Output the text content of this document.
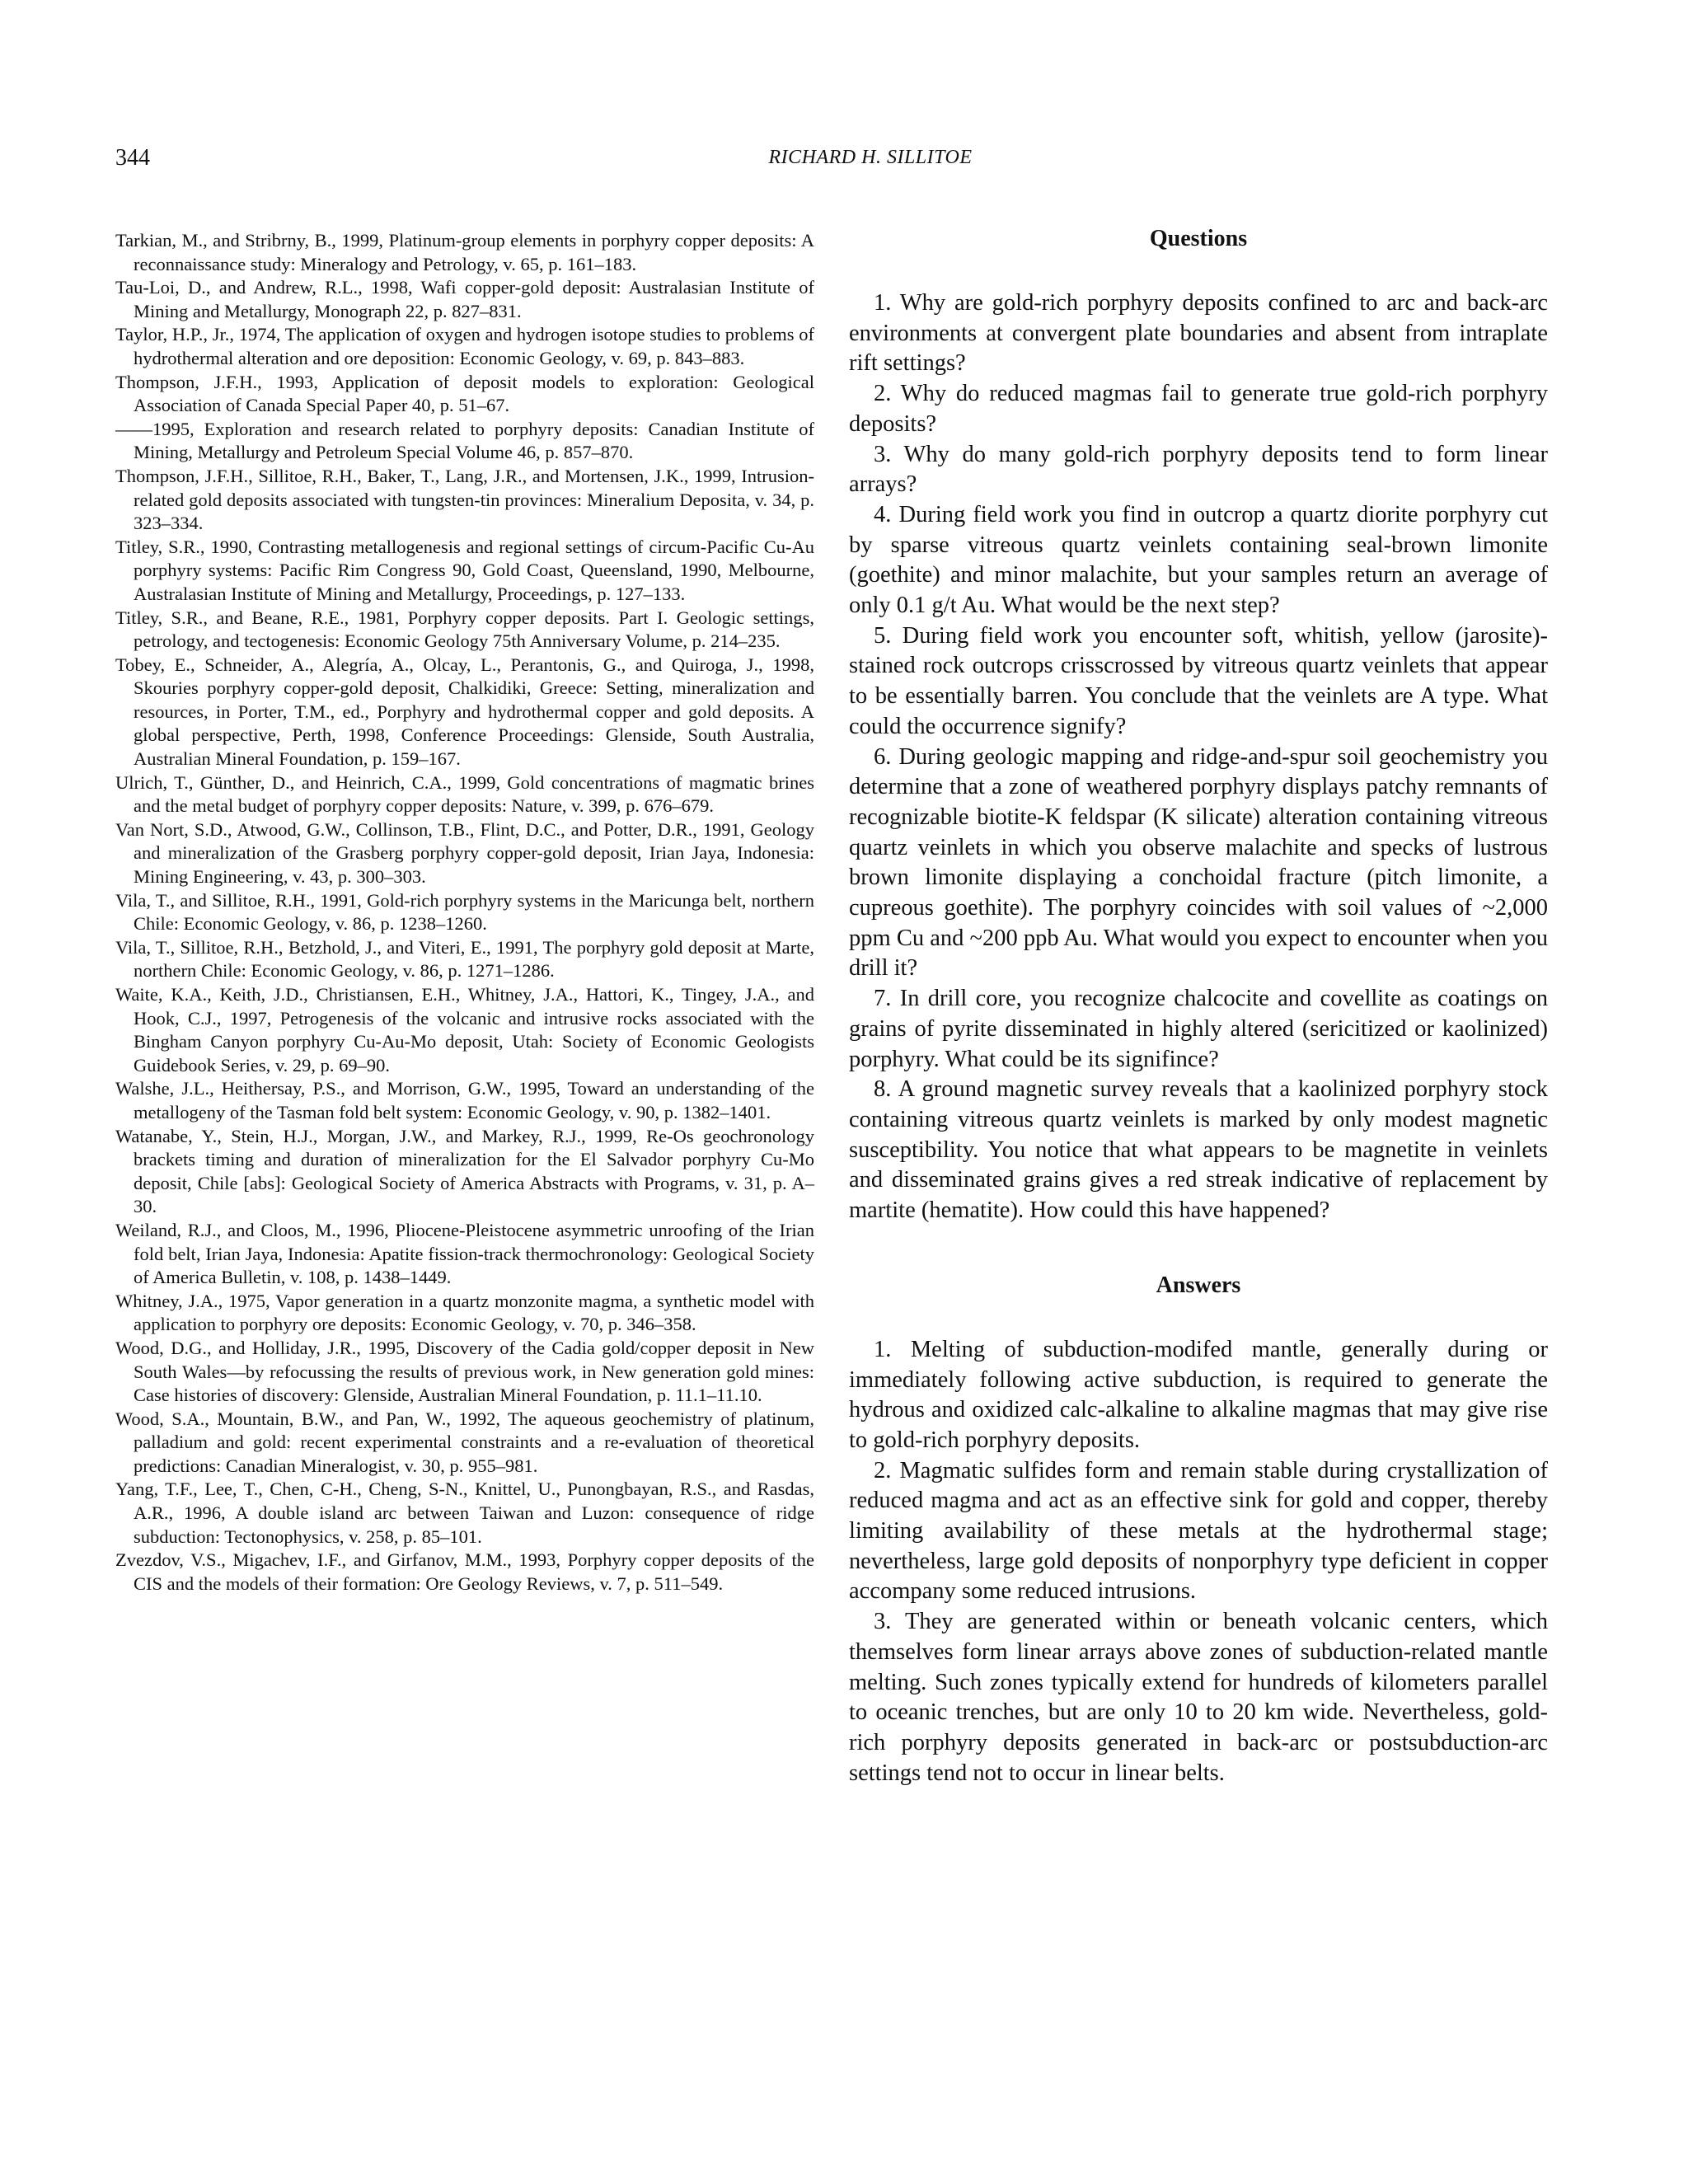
344	RICHARD H. SILLITOE

Tarkian, M., and Stribrny, B., 1999, Platinum-group elements in porphyry copper deposits: A reconnaissance study: Mineralogy and Petrology, v. 65, p. 161–183.

Tau-Loi, D., and Andrew, R.L., 1998, Wafi copper-gold deposit: Australasian Institute of Mining and Metallurgy, Monograph 22, p. 827–831.

Taylor, H.P., Jr., 1974, The application of oxygen and hydrogen isotope studies to problems of hydrothermal alteration and ore deposition: Economic Geology, v. 69, p. 843–883.

Thompson, J.F.H., 1993, Application of deposit models to exploration: Geological Association of Canada Special Paper 40, p. 51–67.

——1995, Exploration and research related to porphyry deposits: Canadian Institute of Mining, Metallurgy and Petroleum Special Volume 46, p. 857–870.

Thompson, J.F.H., Sillitoe, R.H., Baker, T., Lang, J.R., and Mortensen, J.K., 1999, Intrusion-related gold deposits associated with tungsten-tin provinces: Mineralium Deposita, v. 34, p. 323–334.

Titley, S.R., 1990, Contrasting metallogenesis and regional settings of circum-Pacific Cu-Au porphyry systems: Pacific Rim Congress 90, Gold Coast, Queensland, 1990, Melbourne, Australasian Institute of Mining and Metallurgy, Proceedings, p. 127–133.

Titley, S.R., and Beane, R.E., 1981, Porphyry copper deposits. Part I. Geologic settings, petrology, and tectogenesis: Economic Geology 75th Anniversary Volume, p. 214–235.

Tobey, E., Schneider, A., Alegría, A., Olcay, L., Perantonis, G., and Quiroga, J., 1998, Skouries porphyry copper-gold deposit, Chalkidiki, Greece: Setting, mineralization and resources, in Porter, T.M., ed., Porphyry and hydrothermal copper and gold deposits. A global perspective, Perth, 1998, Conference Proceedings: Glenside, South Australia, Australian Mineral Foundation, p. 159–167.

Ulrich, T., Günther, D., and Heinrich, C.A., 1999, Gold concentrations of magmatic brines and the metal budget of porphyry copper deposits: Nature, v. 399, p. 676–679.

Van Nort, S.D., Atwood, G.W., Collinson, T.B., Flint, D.C., and Potter, D.R., 1991, Geology and mineralization of the Grasberg porphyry copper-gold deposit, Irian Jaya, Indonesia: Mining Engineering, v. 43, p. 300–303.

Vila, T., and Sillitoe, R.H., 1991, Gold-rich porphyry systems in the Maricunga belt, northern Chile: Economic Geology, v. 86, p. 1238–1260.

Vila, T., Sillitoe, R.H., Betzhold, J., and Viteri, E., 1991, The porphyry gold deposit at Marte, northern Chile: Economic Geology, v. 86, p. 1271–1286.

Waite, K.A., Keith, J.D., Christiansen, E.H., Whitney, J.A., Hattori, K., Tingey, J.A., and Hook, C.J., 1997, Petrogenesis of the volcanic and intrusive rocks associated with the Bingham Canyon porphyry Cu-Au-Mo deposit, Utah: Society of Economic Geologists Guidebook Series, v. 29, p. 69–90.

Walshe, J.L., Heithersay, P.S., and Morrison, G.W., 1995, Toward an understanding of the metallogeny of the Tasman fold belt system: Economic Geology, v. 90, p. 1382–1401.

Watanabe, Y., Stein, H.J., Morgan, J.W., and Markey, R.J., 1999, Re-Os geochronology brackets timing and duration of mineralization for the El Salvador porphyry Cu-Mo deposit, Chile [abs]: Geological Society of America Abstracts with Programs, v. 31, p. A–30.

Weiland, R.J., and Cloos, M., 1996, Pliocene-Pleistocene asymmetric unroofing of the Irian fold belt, Irian Jaya, Indonesia: Apatite fission-track thermochronology: Geological Society of America Bulletin, v. 108, p. 1438–1449.

Whitney, J.A., 1975, Vapor generation in a quartz monzonite magma, a synthetic model with application to porphyry ore deposits: Economic Geology, v. 70, p. 346–358.

Wood, D.G., and Holliday, J.R., 1995, Discovery of the Cadia gold/copper deposit in New South Wales—by refocussing the results of previous work, in New generation gold mines: Case histories of discovery: Glenside, Australian Mineral Foundation, p. 11.1–11.10.

Wood, S.A., Mountain, B.W., and Pan, W., 1992, The aqueous geochemistry of platinum, palladium and gold: recent experimental constraints and a re-evaluation of theoretical predictions: Canadian Mineralogist, v. 30, p. 955–981.

Yang, T.F., Lee, T., Chen, C-H., Cheng, S-N., Knittel, U., Punongbayan, R.S., and Rasdas, A.R., 1996, A double island arc between Taiwan and Luzon: consequence of ridge subduction: Tectonophysics, v. 258, p. 85–101.

Zvezdov, V.S., Migachev, I.F., and Girfanov, M.M., 1993, Porphyry copper deposits of the CIS and the models of their formation: Ore Geology Reviews, v. 7, p. 511–549.

Questions

1. Why are gold-rich porphyry deposits confined to arc and back-arc environments at convergent plate boundaries and absent from intraplate rift settings?

2. Why do reduced magmas fail to generate true gold-rich porphyry deposits?

3. Why do many gold-rich porphyry deposits tend to form linear arrays?

4. During field work you find in outcrop a quartz diorite porphyry cut by sparse vitreous quartz veinlets containing seal-brown limonite (goethite) and minor malachite, but your samples return an average of only 0.1 g/t Au. What would be the next step?

5. During field work you encounter soft, whitish, yellow (jarosite)-stained rock outcrops crisscrossed by vitreous quartz veinlets that appear to be essentially barren. You conclude that the veinlets are A type. What could the occurrence signify?

6. During geologic mapping and ridge-and-spur soil geochemistry you determine that a zone of weathered porphyry displays patchy remnants of recognizable biotite-K feldspar (K silicate) alteration containing vitreous quartz veinlets in which you observe malachite and specks of lustrous brown limonite displaying a conchoidal fracture (pitch limonite, a cupreous goethite). The porphyry coincides with soil values of ~2,000 ppm Cu and ~200 ppb Au. What would you expect to encounter when you drill it?

7. In drill core, you recognize chalcocite and covellite as coatings on grains of pyrite disseminated in highly altered (sericitized or kaolinized) porphyry. What could be its signifince?

8. A ground magnetic survey reveals that a kaolinized porphyry stock containing vitreous quartz veinlets is marked by only modest magnetic susceptibility. You notice that what appears to be magnetite in veinlets and disseminated grains gives a red streak indicative of replacement by martite (hematite). How could this have happened?

Answers

1. Melting of subduction-modifed mantle, generally during or immediately following active subduction, is required to generate the hydrous and oxidized calc-alkaline to alkaline magmas that may give rise to gold-rich porphyry deposits.

2. Magmatic sulfides form and remain stable during crystallization of reduced magma and act as an effective sink for gold and copper, thereby limiting availability of these metals at the hydrothermal stage; nevertheless, large gold deposits of nonporphyry type deficient in copper accompany some reduced intrusions.

3. They are generated within or beneath volcanic centers, which themselves form linear arrays above zones of subduction-related mantle melting. Such zones typically extend for hundreds of kilometers parallel to oceanic trenches, but are only 10 to 20 km wide. Nevertheless, gold-rich porphyry deposits generated in back-arc or postsubduction-arc settings tend not to occur in linear belts.
